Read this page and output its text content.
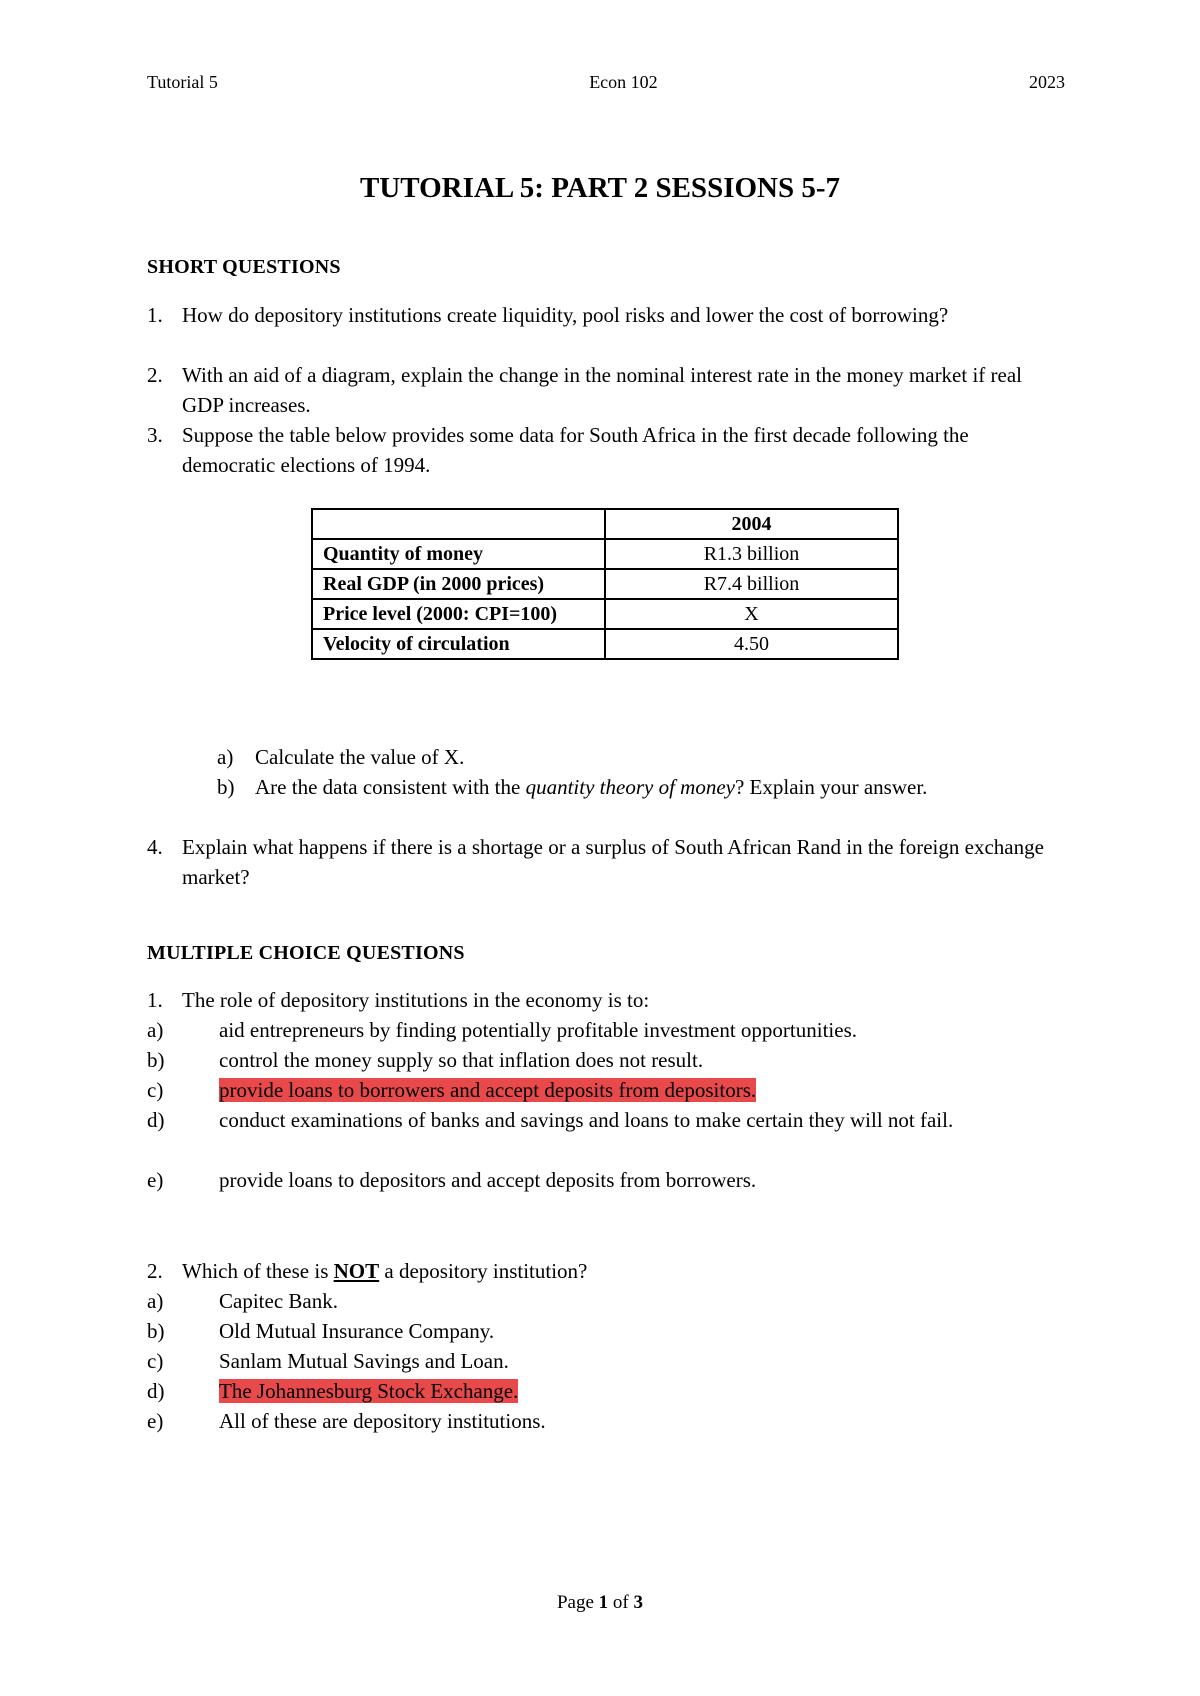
Tutorial 5	Econ 102	2023
TUTORIAL 5: PART 2 SESSIONS 5-7
SHORT QUESTIONS
1. How do depository institutions create liquidity, pool risks and lower the cost of borrowing?
2. With an aid of a diagram, explain the change in the nominal interest rate in the money market if real GDP increases.
3. Suppose the table below provides some data for South Africa in the first decade following the democratic elections of 1994.
	2004
Quantity of money	R1.3 billion
Real GDP (in 2000 prices)	R7.4 billion
Price level (2000: CPI=100)	X
Velocity of circulation	4.50
a) Calculate the value of X.
b) Are the data consistent with the quantity theory of money? Explain your answer.
4. Explain what happens if there is a shortage or a surplus of South African Rand in the foreign exchange market?
MULTIPLE CHOICE QUESTIONS
1. The role of depository institutions in the economy is to:
a)	aid entrepreneurs by finding potentially profitable investment opportunities.
b)	control the money supply so that inflation does not result.
c)	provide loans to borrowers and accept deposits from depositors.
d)	conduct examinations of banks and savings and loans to make certain they will not fail.
e)	provide loans to depositors and accept deposits from borrowers.
2. Which of these is NOT a depository institution?
a)	Capitec Bank.
b)	Old Mutual Insurance Company.
c)	Sanlam Mutual Savings and Loan.
d)	The Johannesburg Stock Exchange.
e)	All of these are depository institutions.
Page 1 of 3
